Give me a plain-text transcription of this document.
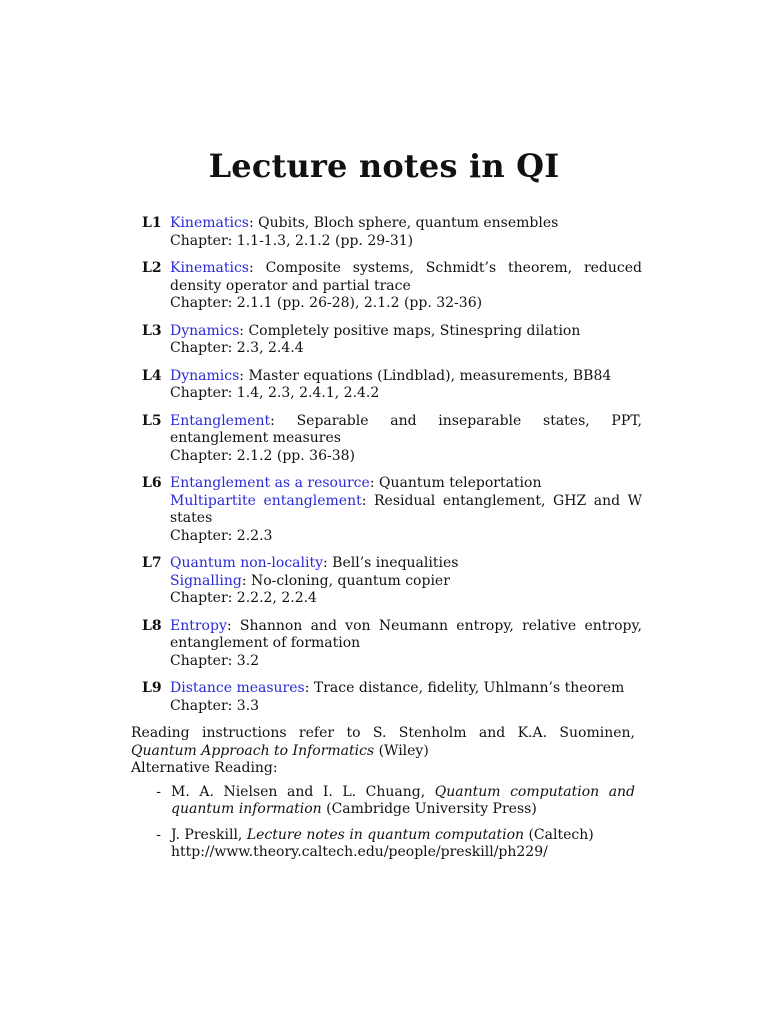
Lecture notes in QI
L1 Kinematics: Qubits, Bloch sphere, quantum ensembles
Chapter: 1.1-1.3, 2.1.2 (pp. 29-31)
L2 Kinematics: Composite systems, Schmidt’s theorem, reduced density operator and partial trace
Chapter: 2.1.1 (pp. 26-28), 2.1.2 (pp. 32-36)
L3 Dynamics: Completely positive maps, Stinespring dilation
Chapter: 2.3, 2.4.4
L4 Dynamics: Master equations (Lindblad), measurements, BB84
Chapter: 1.4, 2.3, 2.4.1, 2.4.2
L5 Entanglement: Separable and inseparable states, PPT, entanglement measures
Chapter: 2.1.2 (pp. 36-38)
L6 Entanglement as a resource: Quantum teleportation
Multipartite entanglement: Residual entanglement, GHZ and W states
Chapter: 2.2.3
L7 Quantum non-locality: Bell’s inequalities
Signalling: No-cloning, quantum copier
Chapter: 2.2.2, 2.2.4
L8 Entropy: Shannon and von Neumann entropy, relative entropy, entanglement of formation
Chapter: 3.2
L9 Distance measures: Trace distance, fidelity, Uhlmann’s theorem
Chapter: 3.3

Reading instructions refer to S. Stenholm and K.A. Suominen, Quantum Approach to Informatics (Wiley)

Alternative Reading:

- M. A. Nielsen and I. L. Chuang, Quantum computation and quantum information (Cambridge University Press)
- J. Preskill, Lecture notes in quantum computation (Caltech)
http://www.theory.caltech.edu/people/preskill/ph229/
